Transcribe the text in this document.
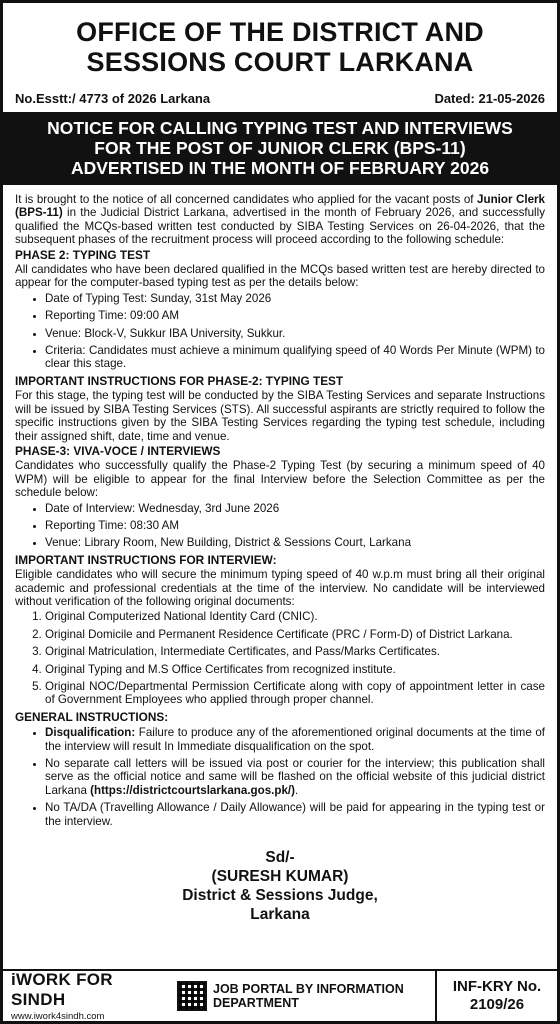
OFFICE OF THE DISTRICT AND
SESSIONS COURT LARKANA
No.Esstt:/ 4773 of 2026 Larkana	Dated: 21-05-2026
NOTICE FOR CALLING TYPING TEST AND INTERVIEWS
FOR THE POST OF JUNIOR CLERK (BPS-11)
ADVERTISED IN THE MONTH OF FEBRUARY 2026

It is brought to the notice of all concerned candidates who applied for the vacant posts of Junior Clerk (BPS-11) in the Judicial District Larkana, advertised in the month of February 2026, and successfully qualified the MCQs-based written test conducted by SIBA Testing Services on 26-04-2026, that the subsequent phases of the recruitment process will proceed according to the following schedule:

PHASE 2: TYPING TEST

All candidates who have been declared qualified in the MCQs based written test are hereby directed to appear for the computer-based typing test as per the details below:

• Date of Typing Test: Sunday, 31st May 2026
• Reporting Time: 09:00 AM
• Venue: Block-V, Sukkur IBA University, Sukkur.
• Criteria: Candidates must achieve a minimum qualifying speed of 40 Words Per Minute (WPM) to clear this stage.
IMPORTANT INSTRUCTIONS FOR PHASE-2: TYPING TEST

For this stage, the typing test will be conducted by the SIBA Testing Services and separate Instructions will be issued by SIBA Testing Services (STS). All successful aspirants are strictly required to follow the specific instructions given by the SIBA Testing Services regarding the typing test schedule, including their assigned shift, date, time and venue.

PHASE-3: VIVA-VOCE / INTERVIEWS

Candidates who successfully qualify the Phase-2 Typing Test (by securing a minimum speed of 40 WPM) will be eligible to appear for the final Interview before the Selection Committee as per the schedule below:

• Date of Interview: Wednesday, 3rd June 2026
• Reporting Time: 08:30 AM
• Venue: Library Room, New Building, District & Sessions Court, Larkana
IMPORTANT INSTRUCTIONS FOR INTERVIEW:

Eligible candidates who will secure the minimum typing speed of 40 w.p.m must bring all their original academic and professional credentials at the time of the interview. No candidate will be interviewed without verification of the following original documents:

1. Original Computerized National Identity Card (CNIC).
2. Original Domicile and Permanent Residence Certificate (PRC / Form-D) of District Larkana.
3. Original Matriculation, Intermediate Certificates, and Pass/Marks Certificates.
4. Original Typing and M.S Office Certificates from recognized institute.
5. Original NOC/Departmental Permission Certificate along with copy of appointment letter in case of Government Employees who applied through proper channel.
GENERAL INSTRUCTIONS:
• Disqualification: Failure to produce any of the aforementioned original documents at the time of the interview will result In Immediate disqualification on the spot.
• No separate call letters will be issued via post or courier for the interview; this publication shall serve as the official notice and same will be flashed on the official website of this judicial district Larkana (https://districtcourtslarkana.gos.pk/).
• No TA/DA (Travelling Allowance / Daily Allowance) will be paid for appearing in the typing test or the interview.
Sd/-
(SURESH KUMAR)
District & Sessions Judge,
Larkana
iWORK FOR SINDH
www.iwork4sindh.com
JOB PORTAL BY INFORMATION DEPARTMENT
INF-KRY No.
2109/26
